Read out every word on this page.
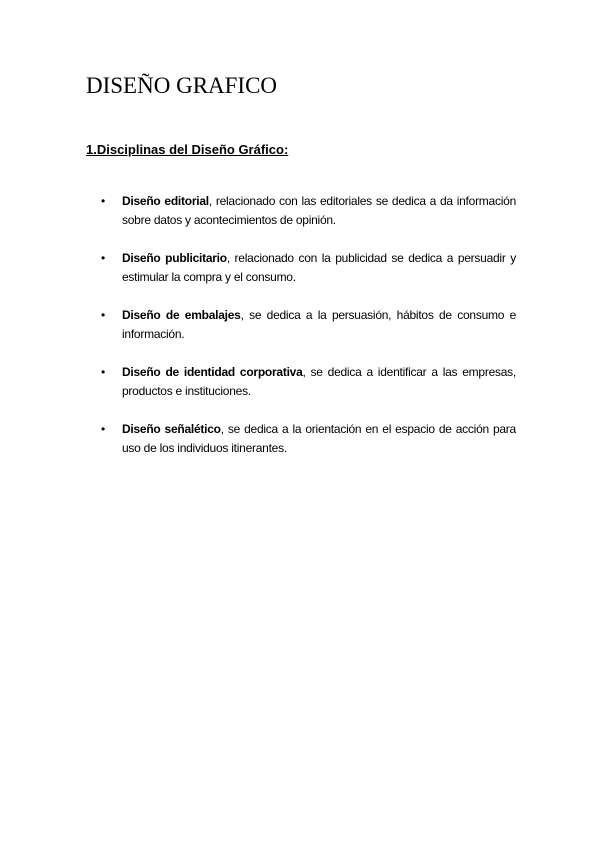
DISEÑO GRAFICO
1.Disciplinas del Diseño Gráfico:
• Diseño editorial, relacionado con las editoriales se dedica a da información sobre datos y acontecimientos de opinión.
• Diseño publicitario, relacionado con la publicidad se dedica a persuadir y estimular la compra y el consumo.
• Diseño de embalajes, se dedica a la persuasión, hábitos de consumo e información.
• Diseño de identidad corporativa, se dedica a identificar a las empresas, productos e instituciones.
• Diseño señalético, se dedica a la orientación en el espacio de acción para uso de los individuos itinerantes.
